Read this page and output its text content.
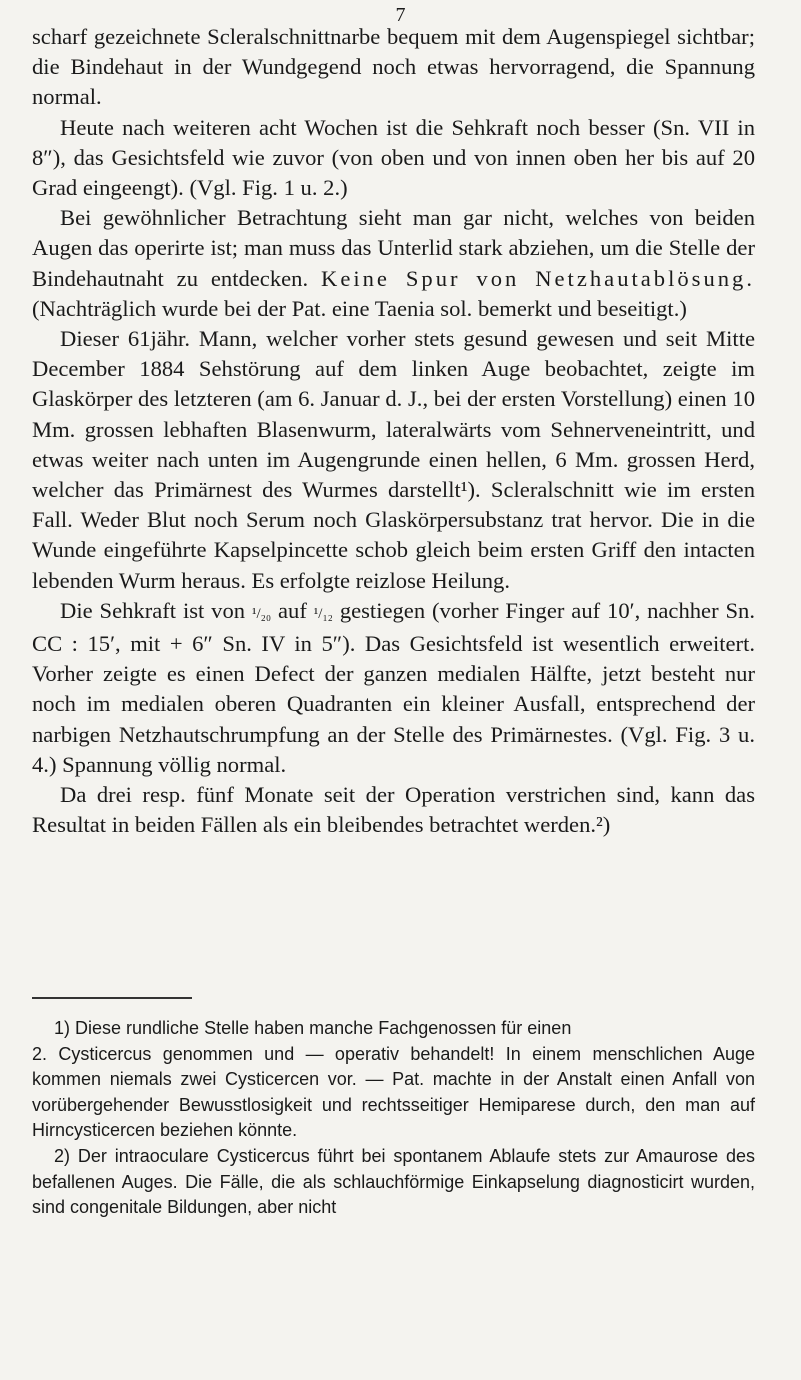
7

scharf gezeichnete Scleralschnittnarbe bequem mit dem Augenspiegel sichtbar; die Bindehaut in der Wundgegend noch etwas hervorragend, die Spannung normal.

Heute nach weiteren acht Wochen ist die Sehkraft noch besser (Sn. VII in 8″), das Gesichtsfeld wie zuvor (von oben und von innen oben her bis auf 20 Grad eingeengt). (Vgl. Fig. 1 u. 2.)

Bei gewöhnlicher Betrachtung sieht man gar nicht, welches von beiden Augen das operirte ist; man muss das Unterlid stark abziehen, um die Stelle der Bindehautnaht zu entdecken. Keine Spur von Netzhautablösung. (Nachträglich wurde bei der Pat. eine Taenia sol. bemerkt und beseitigt.)

Dieser 61jähr. Mann, welcher vorher stets gesund gewesen und seit Mitte December 1884 Sehstörung auf dem linken Auge beobachtet, zeigte im Glaskörper des letzteren (am 6. Januar d. J., bei der ersten Vorstellung) einen 10 Mm. grossen lebhaften Blasenwurm, lateralwärts vom Sehnerveneintritt, und etwas weiter nach unten im Augengrunde einen hellen, 6 Mm. grossen Herd, welcher das Primärnest des Wurmes darstellt¹). Scleralschnitt wie im ersten Fall. Weder Blut noch Serum noch Glaskörpersubstanz trat hervor. Die in die Wunde eingeführte Kapselpincette schob gleich beim ersten Griff den intacten lebenden Wurm heraus. Es erfolgte reizlose Heilung.

Die Sehkraft ist von ¹/₂₀ auf ¹/₁₂ gestiegen (vorher Finger auf 10′, nachher Sn. CC : 15′, mit + 6″ Sn. IV in 5″). Das Gesichtsfeld ist wesentlich erweitert. Vorher zeigte es einen Defect der ganzen medialen Hälfte, jetzt besteht nur noch im medialen oberen Quadranten ein kleiner Ausfall, entsprechend der narbigen Netzhautschrumpfung an der Stelle des Primärnestes. (Vgl. Fig. 3 u. 4.) Spannung völlig normal.

Da drei resp. fünf Monate seit der Operation verstrichen sind, kann das Resultat in beiden Fällen als ein bleibendes betrachtet werden.²)

1) Diese rundliche Stelle haben manche Fachgenossen für einen

2. Cysticercus genommen und — operativ behandelt! In einem menschlichen Auge kommen niemals zwei Cysticercen vor. — Pat. machte in der Anstalt einen Anfall von vorübergehender Bewusstlosigkeit und rechtsseitiger Hemiparese durch, den man auf Hirncysticercen beziehen könnte.

2) Der intraoculare Cysticercus führt bei spontanem Ablaufe stets zur Amaurose des befallenen Auges. Die Fälle, die als schlauchförmige Einkapselung diagnosticirt wurden, sind congenitale Bildungen, aber nicht
